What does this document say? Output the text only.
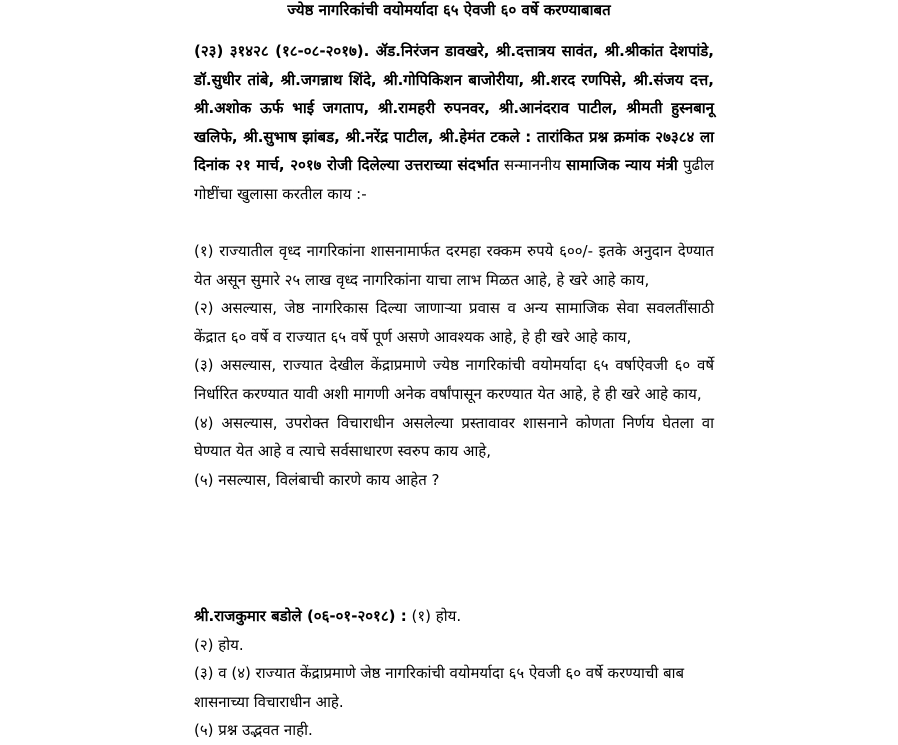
ज्येष्ठ नागरिकांची वयोमर्यादा ६५ ऐवजी ६० वर्षे करण्याबाबत
(२३) ३१४२८ (१८-०८-२०१७). ॲड.निरंजन डावखरे, श्री.दत्तात्रय सावंत, श्री.श्रीकांत देशपांडे, डॉ.सुधीर तांबे, श्री.जगन्नाथ शिंदे, श्री.गोपिकिशन बाजोरीया, श्री.शरद रणपिसे, श्री.संजय दत्त, श्री.अशोक ऊर्फ भाई जगताप, श्री.रामहरी रुपनवर, श्री.आनंदराव पाटील, श्रीमती हुस्नबानू खलिफे, श्री.सुभाष झांबड, श्री.नरेंद्र पाटील, श्री.हेमंत टकले : तारांकित प्रश्न क्रमांक २७३८४ ला दिनांक २१ मार्च, २०१७ रोजी दिलेल्या उत्तराच्या संदर्भात सन्माननीय सामाजिक न्याय मंत्री पुढील गोष्टींचा खुलासा करतील काय :-

(१) राज्यातील वृध्द नागरिकांना शासनामार्फत दरमहा रक्कम रुपये ६००/- इतके अनुदान देण्यात येत असून सुमारे २५ लाख वृध्द नागरिकांना याचा लाभ मिळत आहे, हे खरे आहे काय,

(२) असल्यास, जेष्ठ नागरिकास दिल्या जाणाऱ्या प्रवास व अन्य सामाजिक सेवा सवलतींसाठी केंद्रात ६० वर्षे व राज्यात ६५ वर्षे पूर्ण असणे आवश्यक आहे, हे ही खरे आहे काय,

(३) असल्यास, राज्यात देखील केंद्राप्रमाणे ज्येष्ठ नागरिकांची वयोमर्यादा ६५ वर्षाऐवजी ६० वर्षे निर्धारित करण्यात यावी अशी मागणी अनेक वर्षांपासून करण्यात येत आहे, हे ही खरे आहे काय,

(४) असल्यास, उपरोक्त विचाराधीन असलेल्या प्रस्तावावर शासनाने कोणता निर्णय घेतला वा घेण्यात येत आहे व त्याचे सर्वसाधारण स्वरुप काय आहे,

(५) नसल्यास, विलंबाची कारणे काय आहेत ?

श्री.राजकुमार बडोले (०६-०१-२०१८) : (१) होय.

(२) होय.

(३) व (४) राज्यात केंद्राप्रमाणे जेष्ठ नागरिकांची वयोमर्यादा ६५ ऐवजी ६० वर्षे करण्याची बाब शासनाच्या विचाराधीन आहे.

(५) प्रश्न उद्भवत नाही.
